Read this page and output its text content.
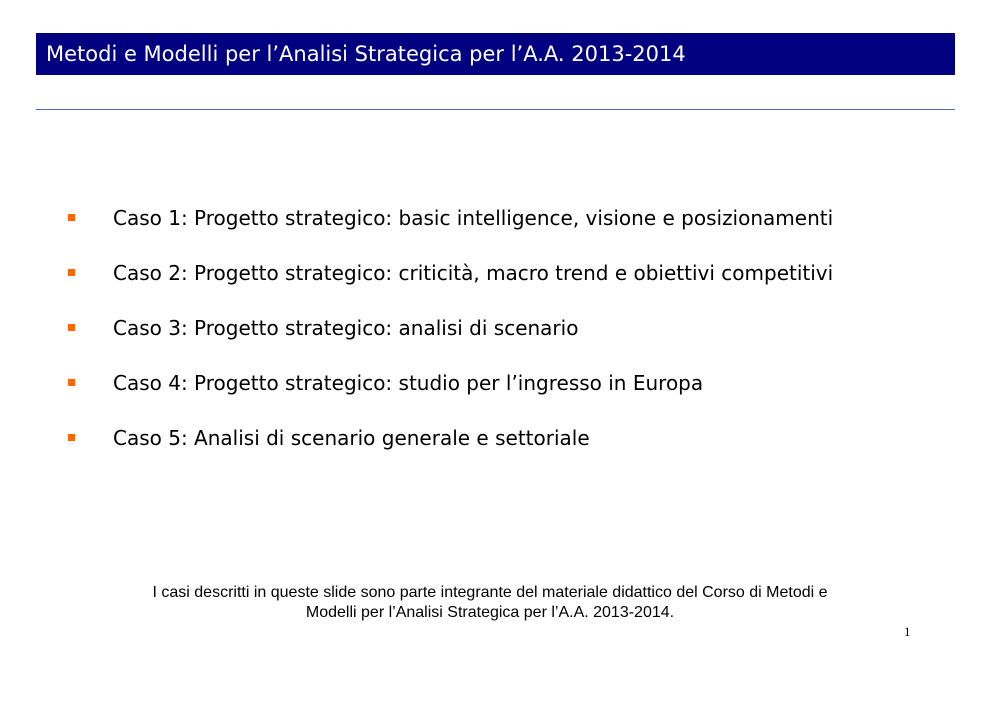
Metodi e Modelli per l’Analisi Strategica per l’A.A. 2013-2014
Caso 1: Progetto strategico: basic intelligence, visione e posizionamenti
Caso 2: Progetto strategico: criticità, macro trend e obiettivi competitivi
Caso 3: Progetto strategico: analisi di scenario
Caso 4: Progetto strategico: studio per l’ingresso in Europa
Caso 5: Analisi di scenario generale e settoriale
I casi descritti in queste slide sono parte integrante del materiale didattico del Corso di Metodi e
Modelli per l’Analisi Strategica per l’A.A. 2013-2014.
1
